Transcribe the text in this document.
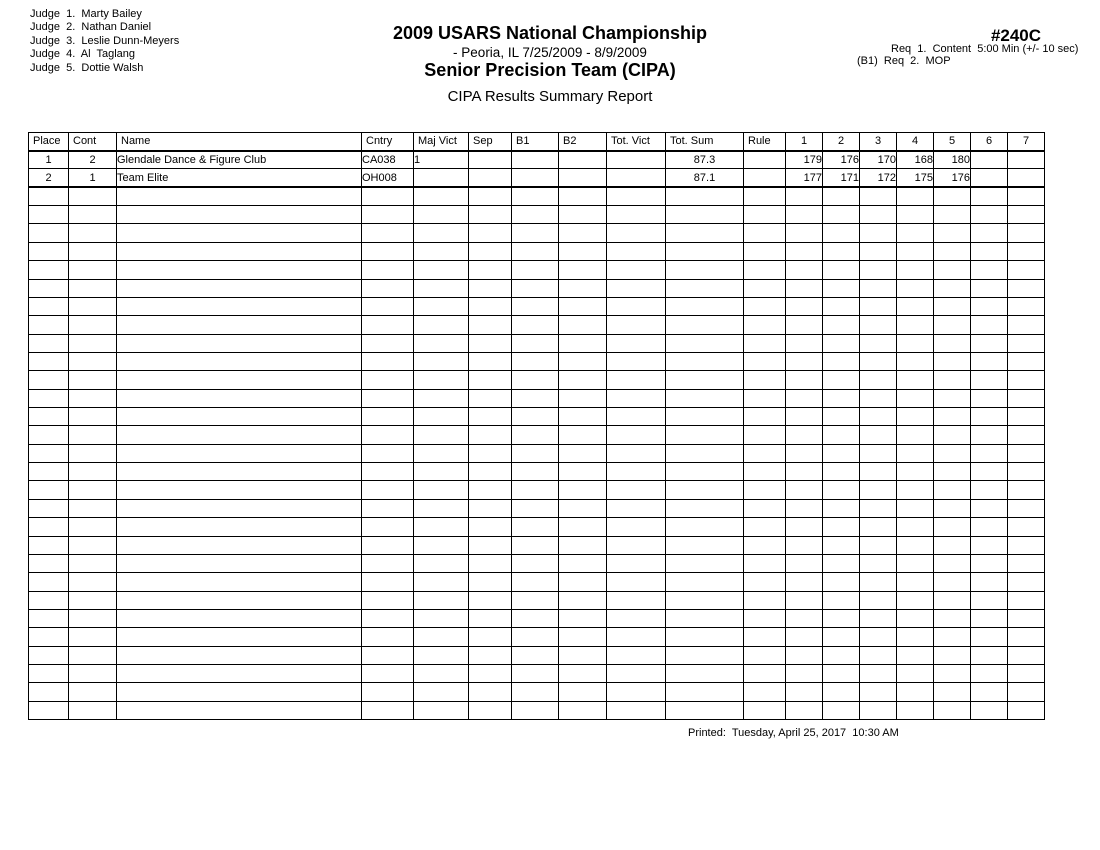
Judge  1.  Marty Bailey
Judge  2.  Nathan Daniel
Judge  3.  Leslie Dunn-Meyers
Judge  4.  Al  Taglang
Judge  5.  Dottie Walsh
2009 USARS National Championship
- Peoria, IL 7/25/2009 - 8/9/2009
Senior Precision Team (CIPA)
CIPA Results Summary Report
#240C
Req  1.  Content  5:00 Min (+/- 10 sec)
(B1)  Req  2.  MOP
Place	Cont	Name	Cntry	Maj Vict	Sep	B1	B2	Tot. Vict	Tot. Sum	Rule	1	2	3	4	5	6	7
1	2	Glendale Dance & Figure Club	CA038	1					87.3		179	176	170	168	180		
2	1	Team Elite	OH008						87.1		177	171	172	175	176		

Printed:  Tuesday, April 25, 2017  10:30 AM
